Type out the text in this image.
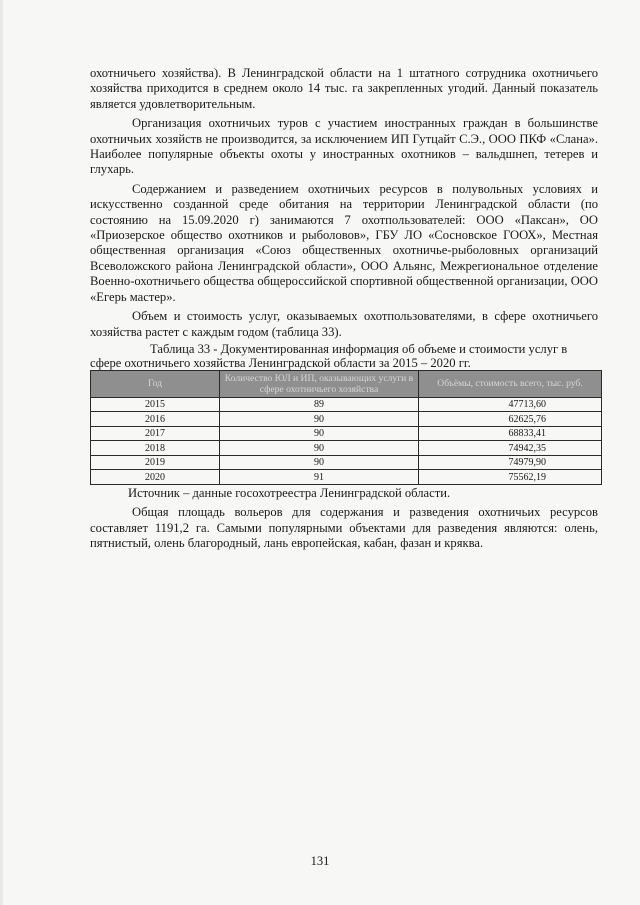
охотничьего хозяйства). В Ленинградской области на 1 штатного сотрудника охотничьего хозяйства приходится в среднем около 14 тыс. га закрепленных угодий. Данный показатель является удовлетворительным.

Организация охотничьих туров с участием иностранных граждан в большинстве охотничьих хозяйств не производится, за исключением ИП Гутцайт С.Э., ООО ПКФ «Слана». Наиболее популярные объекты охоты у иностранных охотников – вальдшнеп, тетерев и глухарь.

Содержанием и разведением охотничьих ресурсов в полувольных условиях и искусственно созданной среде обитания на территории Ленинградской области (по состоянию на 15.09.2020 г) занимаются 7 охотпользователей: ООО «Паксан», ОО «Приозерское общество охотников и рыболовов», ГБУ ЛО «Сосновское ГООХ», Местная общественная организация «Союз общественных охотничье-рыболовных организаций Всеволожского района Ленинградской области», ООО Альянс, Межрегиональное отделение Военно-охотничьего общества общероссийской спортивной общественной организации, ООО «Егерь мастер».

Объем и стоимость услуг, оказываемых охотпользователями, в сфере охотничьего хозяйства растет с каждым годом (таблица 33).

Таблица 33 - Документированная информация об объеме и стоимости услуг в
сфере охотничьего хозяйства Ленинградской области за 2015 – 2020 гг.
Год	Количество ЮЛ и ИП, оказывающих услуги в сфере охотничьего хозяйства	Объёмы, стоимость всего, тыс. руб.
2015	89	47713,60
2016	90	62625,76
2017	90	68833,41
2018	90	74942,35
2019	90	74979,90
2020	91	75562,19

Источник – данные госохотреестра Ленинградской области.

Общая площадь вольеров для содержания и разведения охотничьих ресурсов составляет 1191,2 га. Самыми популярными объектами для разведения являются: олень, пятнистый, олень благородный, лань европейская, кабан, фазан и кряква.

131
